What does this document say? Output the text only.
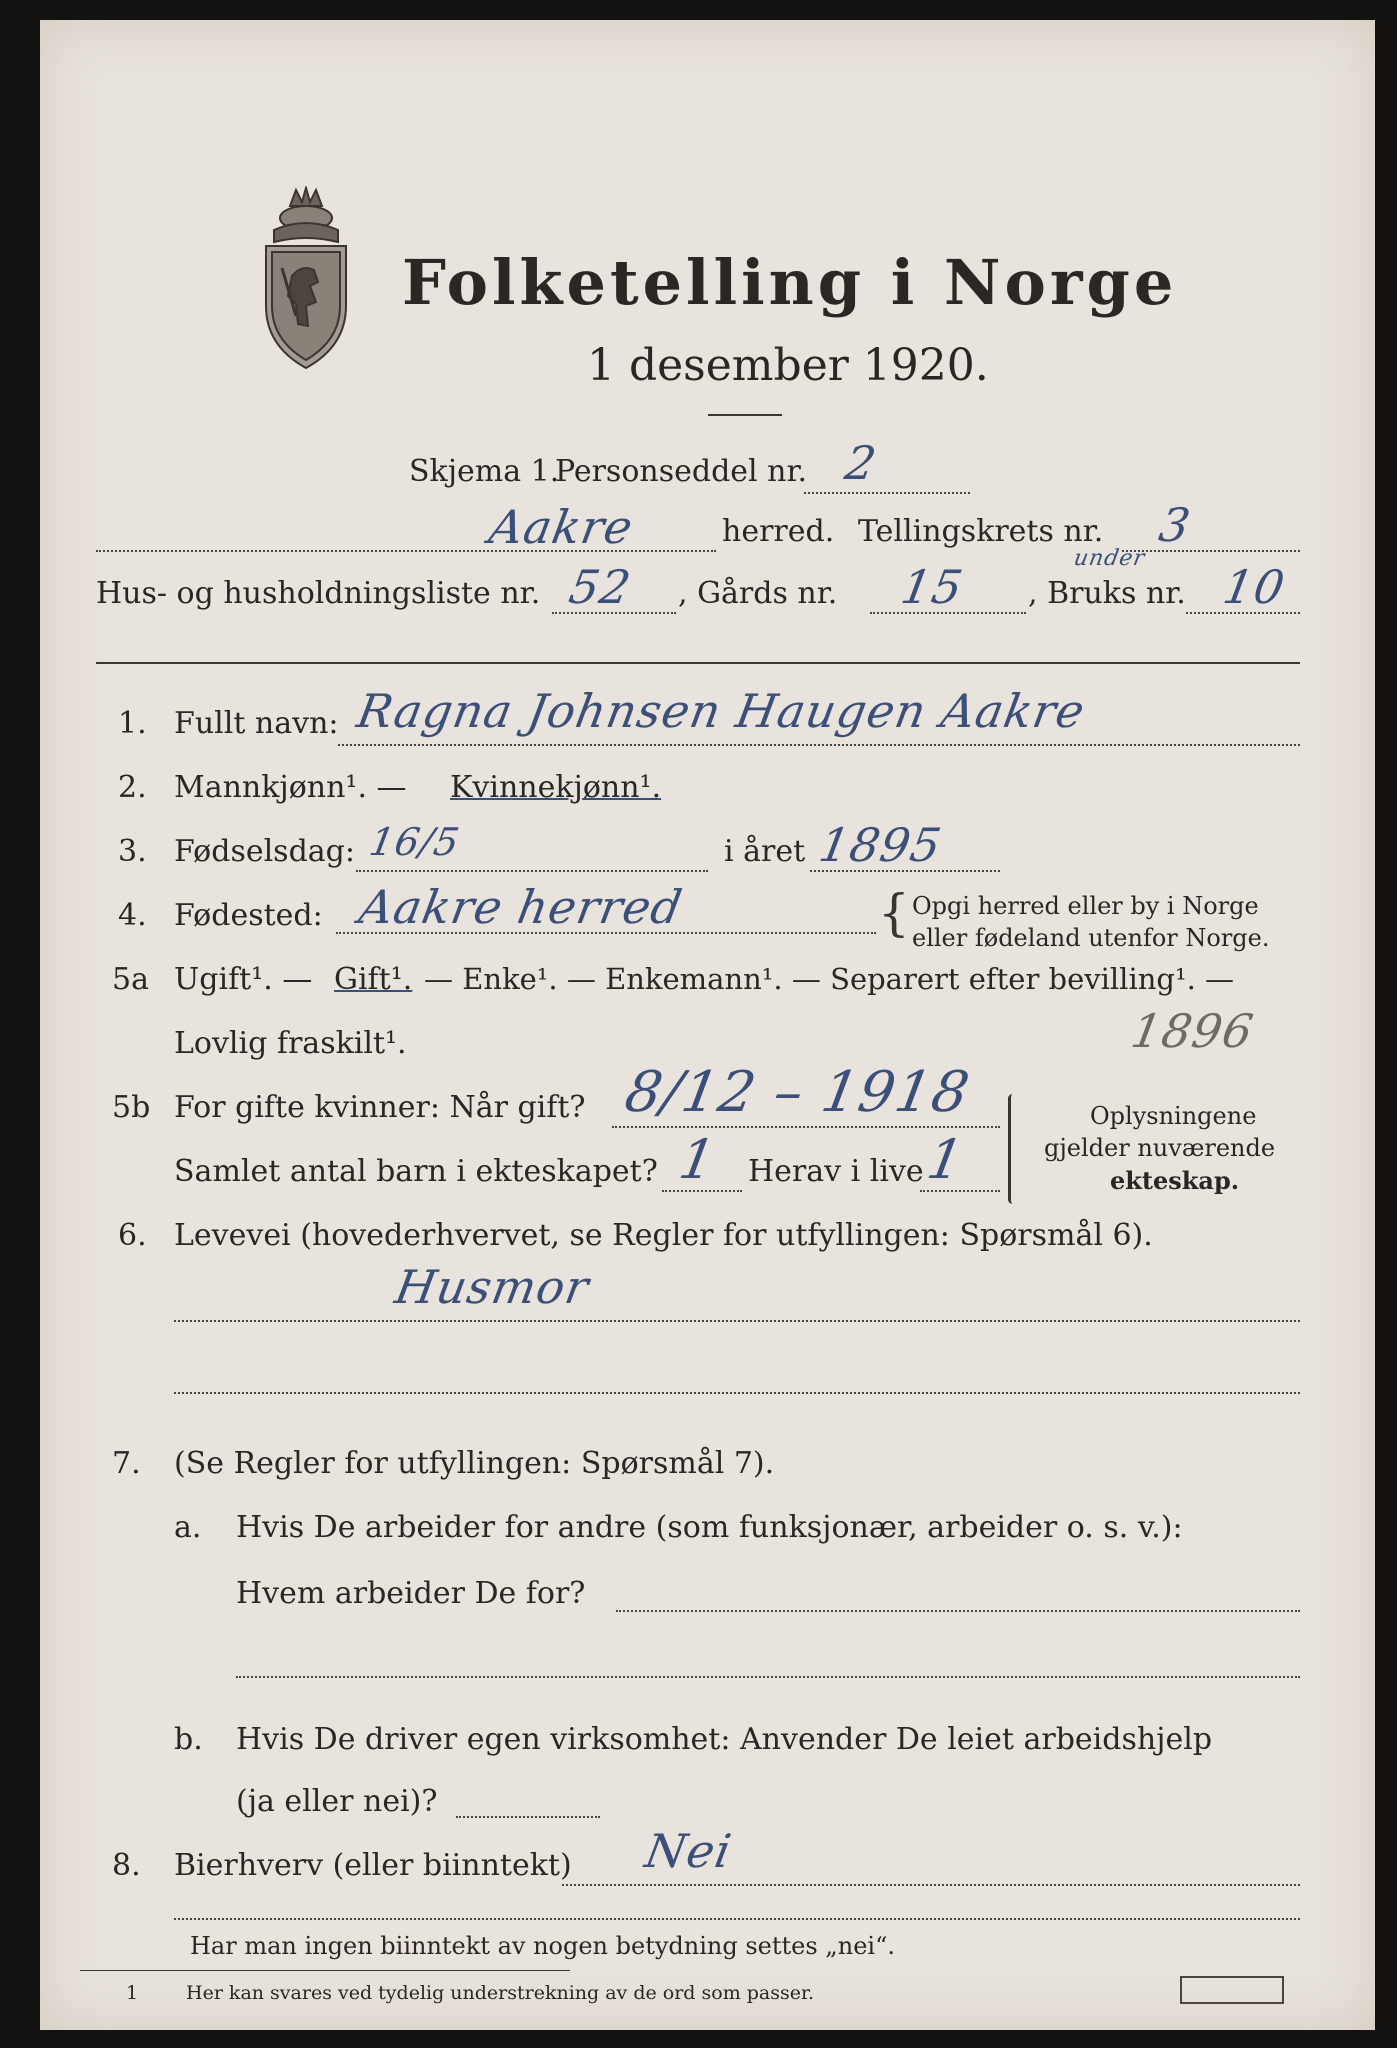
Folketelling i Norge
1 desember 1920.
Skjema 1.
Personseddel nr. 2
Aakre	herred. Tellingskrets nr. 3
Hus- og husholdningsliste nr. 52 , Gårds nr. 15
under
, Bruks nr. 10
1. Fullt navn: Ragna Johnsen Haugen Aakre
2. Mannkjønn¹. — Kvinnekjønn¹.
3. Fødselsdag: 16/5	i året 1895
4. Fødested: Aakre herred	{ Opgi herred eller by i Norge
eller fødeland utenfor Norge.
5a Ugift¹. — Gift¹. — Enke¹. — Enkemann¹. — Separert efter bevilling¹. —
Lovlig fraskilt¹.	1896
5b For gifte kvinner: Når gift? 8/12 – 1918
Samlet antal barn i ekteskapet? 1 Herav i live
1
Oplysningene
gjelder nuværende
ekteskap.
6. Levevei (hovederhvervet, se Regler for utfyllingen: Spørsmål 6).
Husmor
7. (Se Regler for utfyllingen: Spørsmål 7).
a. Hvis De arbeider for andre (som funksjonær, arbeider o. s. v.):
Hvem arbeider De for?
b. Hvis De driver egen virksomhet: Anvender De leiet arbeidshjelp
(ja eller nei)?
8. Bierhverv (eller biinntekt) Nei
Har man ingen biinntekt av nogen betydning settes „nei“.
1	Her kan svares ved tydelig understrekning av de ord som passer.
